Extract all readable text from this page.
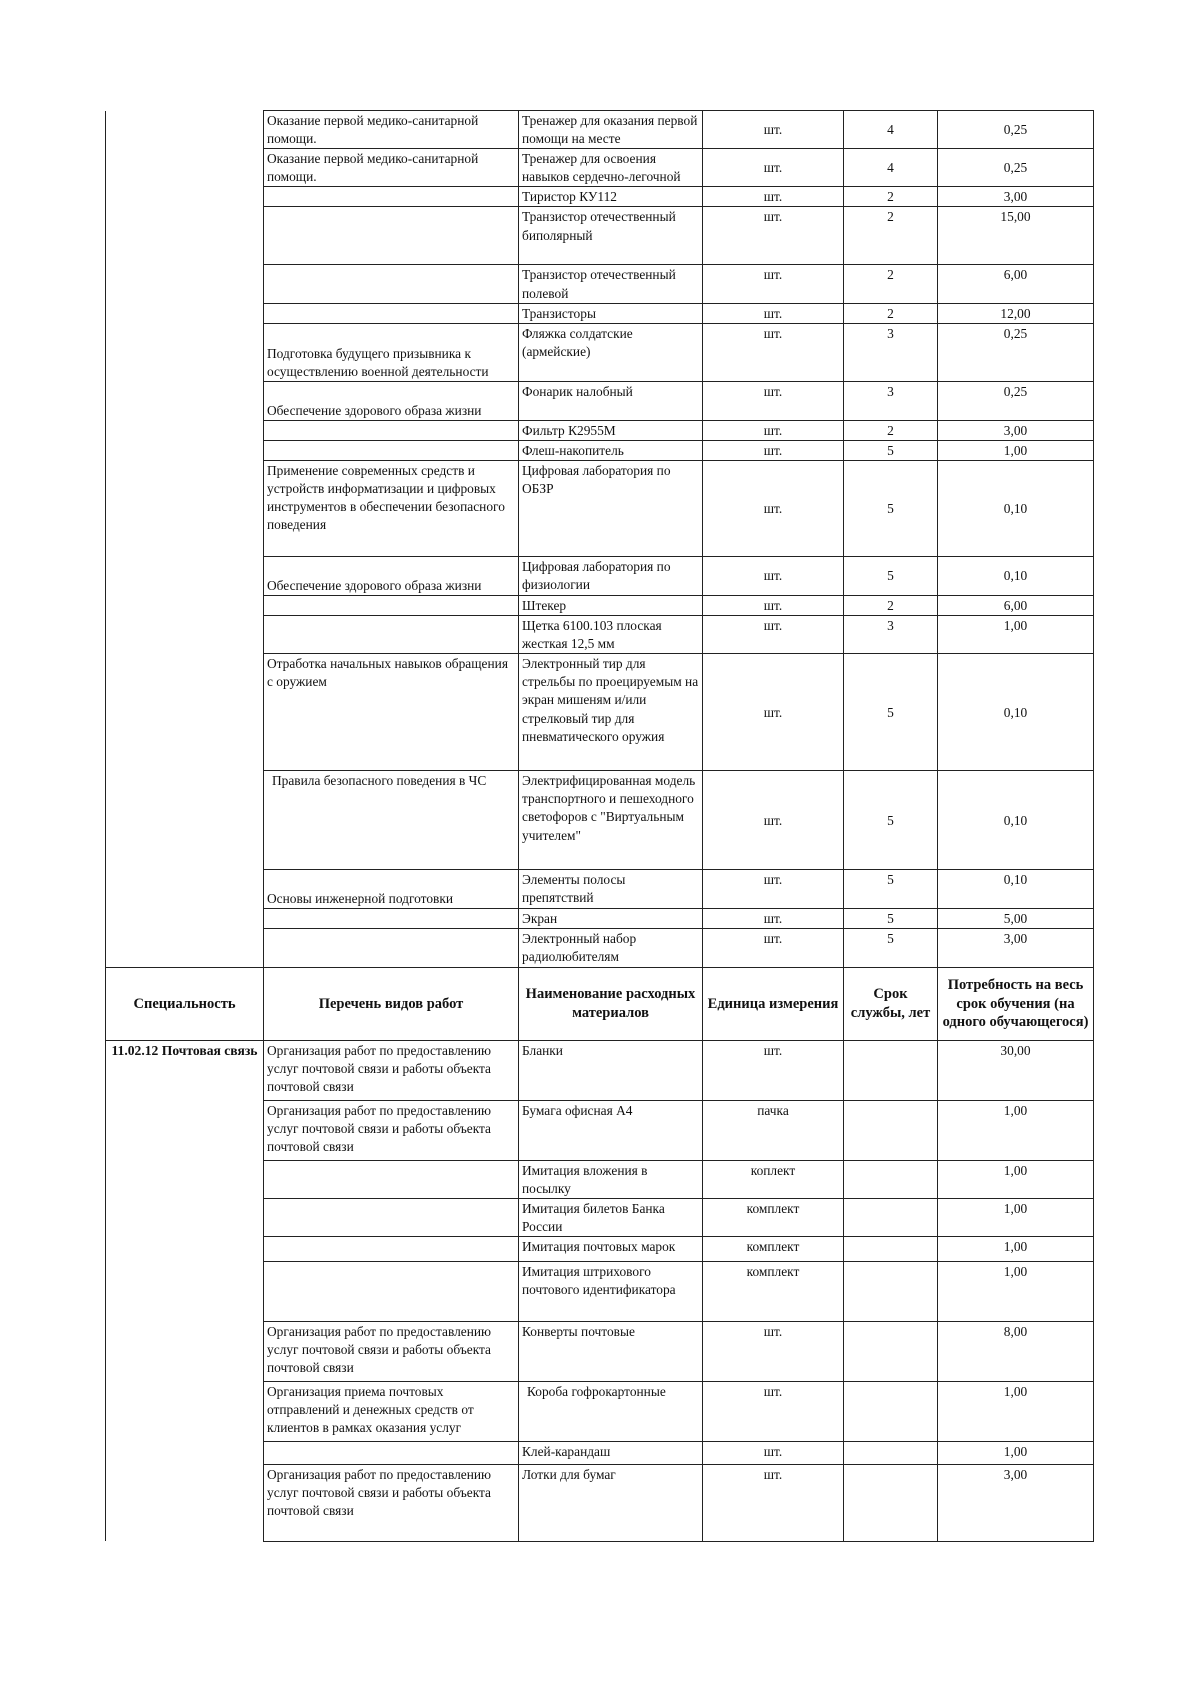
	Оказание первой медико-санитарной помощи.	Тренажер для оказания первой помощи на месте	шт.	4	0,25
	Оказание первой медико-санитарной помощи.	Тренажер для освоения навыков сердечно-легочной	шт.	4	0,25
		Тиристор КУ112	шт.	2	3,00
		Транзистор отечественный биполярный	шт.	2	15,00
		Транзистор отечественный полевой	шт.	2	6,00
		Транзисторы	шт.	2	12,00
	Подготовка будущего призывника к осуществлению военной деятельности	Фляжка солдатские (армейские)	шт.	3	0,25
	Обеспечение здорового образа жизни	Фонарик налобный	шт.	3	0,25
		Фильтр К2955М	шт.	2	3,00
		Флеш-накопитель	шт.	5	1,00
	Применение современных средств и устройств информатизации и цифровых инструментов в обеспечении безопасного поведения	Цифровая лаборатория по ОБЗР	шт.	5	0,10
	Обеспечение здорового образа жизни	Цифровая лаборатория по физиологии	шт.	5	0,10
		Штекер	шт.	2	6,00
		Щетка 6100.103 плоская жесткая 12,5 мм	шт.	3	1,00
	Отработка начальных навыков обращения с оружием	Электронный тир для стрельбы по проецируемым на экран мишеням и/или стрелковый тир для пневматического оружия	шт.	5	0,10
	Правила безопасного поведения в ЧС	Электрифицированная модель транспортного и пешеходного светофоров с "Виртуальным учителем"	шт.	5	0,10
	Основы инженерной подготовки	Элементы полосы препятствий	шт.	5	0,10
		Экран	шт.	5	5,00
		Электронный набор радиолюбителям	шт.	5	3,00
Специальность	Перечень видов работ	Наименование расходных материалов	Единица измерения	Срок службы, лет	Потребность на весь срок обучения (на одного обучающегося)
11.02.12 Почтовая связь	Организация работ по предоставлению услуг почтовой связи и работы объекта почтовой связи	Бланки	шт.		30,00
	Организация работ по предоставлению услуг почтовой связи и работы объекта почтовой связи	Бумага офисная А4	пачка		1,00
		Имитация вложения в посылку	коплект		1,00
		Имитация билетов Банка России	комплект		1,00
		Имитация почтовых марок	комплект		1,00
		Имитация штрихового почтового идентификатора	комплект		1,00
	Организация работ по предоставлению услуг почтовой связи и работы объекта почтовой связи	Конверты почтовые	шт.		8,00
	Организация приема почтовых отправлений и денежных средств от клиентов в рамках оказания услуг	Короба гофрокартонные	шт.		1,00
		Клей-карандаш	шт.		1,00
	Организация работ по предоставлению услуг почтовой связи и работы объекта почтовой связи	Лотки для бумаг	шт.		3,00
